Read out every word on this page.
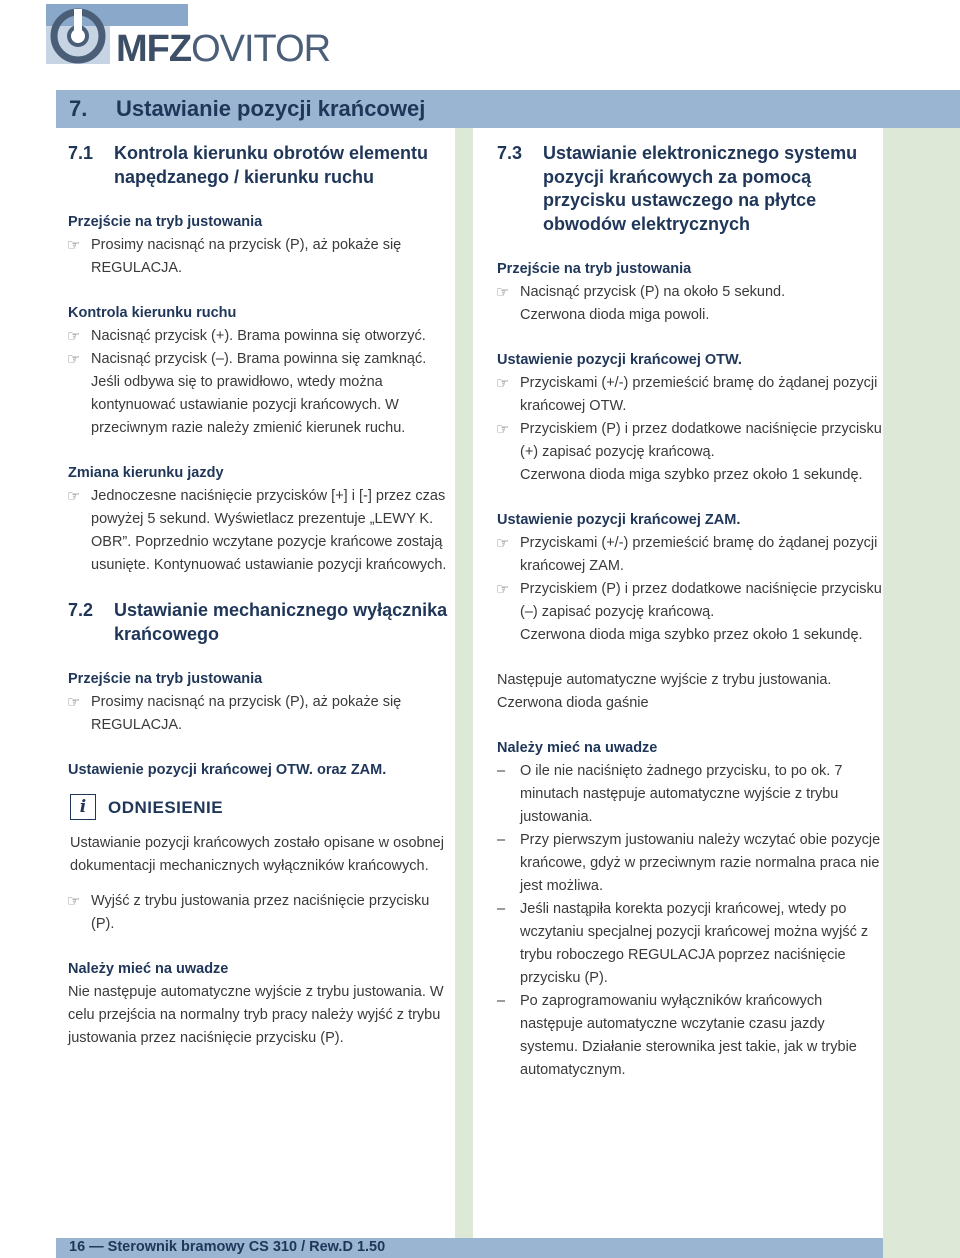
MFZOVITOR
7. Ustawianie pozycji krańcowej
7.1	Kontrola kierunku obrotów elementu napędzanego / kierunku ruchu
Przejście na tryb justowania
☞ Prosimy nacisnąć na przycisk (P), aż pokaże się REGULACJA.
Kontrola kierunku ruchu
☞ Nacisnąć przycisk (+). Brama powinna się otworzyć.
☞ Nacisnąć przycisk (–). Brama powinna się zamknąć.
Jeśli odbywa się to prawidłowo, wtedy można kontynuować ustawianie pozycji krańcowych. W przeciwnym razie należy zmienić kierunek ruchu.
Zmiana kierunku jazdy
☞ Jednoczesne naciśnięcie przycisków [+] i [-] przez czas powyżej 5 sekund. Wyświetlacz prezentuje „LEWY K. OBR”. Poprzednio wczytane pozycje krańcowe zostają usunięte. Kontynuować ustawianie pozycji krańcowych.
7.2	Ustawianie mechanicznego wyłącznika krańcowego
Przejście na tryb justowania
☞ Prosimy nacisnąć na przycisk (P), aż pokaże się REGULACJA.
Ustawienie pozycji krańcowej OTW. oraz ZAM.
i	ODNIESIENIE
Ustawianie pozycji krańcowych zostało opisane w osobnej dokumentacji mechanicznych wyłączników krańcowych.
☞ Wyjść z trybu justowania przez naciśnięcie przycisku (P).
Należy mieć na uwadze
Nie następuje automatyczne wyjście z trybu justowania. W celu przejścia na normalny tryb pracy należy wyjść z trybu justowania przez naciśnięcie przycisku (P).
7.3	Ustawianie elektronicznego systemu pozycji krańcowych za pomocą przycisku ustawczego na płytce obwodów elektrycznych
Przejście na tryb justowania
☞ Nacisnąć przycisk (P) na około 5 sekund.
Czerwona dioda miga powoli.
Ustawienie pozycji krańcowej OTW.
☞ Przyciskami (+/-) przemieścić bramę do żądanej pozycji krańcowej OTW.
☞ Przyciskiem (P) i przez dodatkowe naciśnięcie przycisku (+) zapisać pozycję krańcową.
Czerwona dioda miga szybko przez około 1 sekundę.
Ustawienie pozycji krańcowej ZAM.
☞ Przyciskami (+/-) przemieścić bramę do żądanej pozycji krańcowej ZAM.
☞ Przyciskiem (P) i przez dodatkowe naciśnięcie przycisku (–) zapisać pozycję krańcową.
Czerwona dioda miga szybko przez około 1 sekundę.
Następuje automatyczne wyjście z trybu justowania.
Czerwona dioda gaśnie
Należy mieć na uwadze
– O ile nie naciśnięto żadnego przycisku, to po ok. 7 minutach następuje automatyczne wyjście z trybu justowania.
– Przy pierwszym justowaniu należy wczytać obie pozycje krańcowe, gdyż w przeciwnym razie normalna praca nie jest możliwa.
– Jeśli nastąpiła korekta pozycji krańcowej, wtedy po wczytaniu specjalnej pozycji krańcowej można wyjść z trybu roboczego REGULACJA poprzez naciśnięcie przycisku (P).
– Po zaprogramowaniu wyłączników krańcowych następuje automatyczne wczytanie czasu jazdy systemu. Działanie sterownika jest takie, jak w trybie automatycznym.
16 — Sterownik bramowy CS 310 / Rew.D 1.50
